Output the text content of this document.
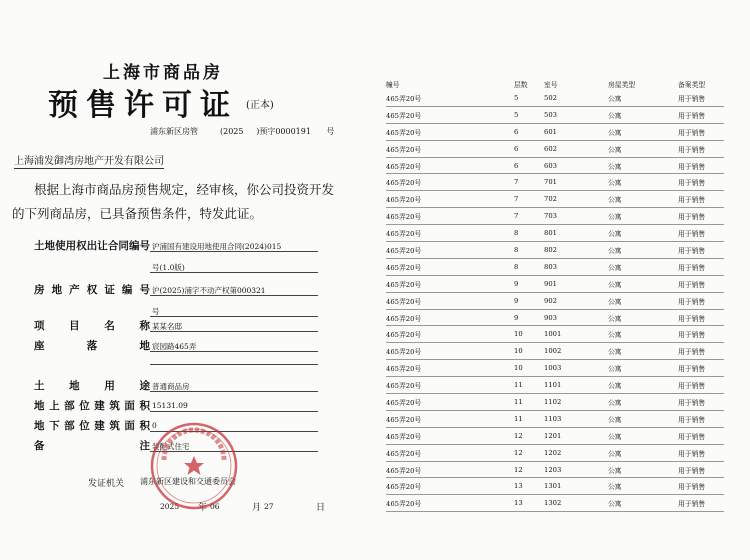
上海市商品房
预售许可证 (正本)
浦东新区房管	(2025 )预字0000191 号
上海浦发御湾房地产开发有限公司
根据上海市商品房预售规定，经审核，你公司投资开发的下列商品房，已具备预售条件，特发此证。
土地使用权出让合同编号 沪浦国有建设用地使用合同(2024)015
号(1.0版)
房地产权证编号 沪(2025)浦字不动产权第000321
号
项目名称 某某名邸
座落地 宸园路465弄
土地用途 普通商品房
地上部位建筑面积 15131.09
地下部位建筑面积 0
备注 装配式住宅
发证机关 浦东新区建设和交通委员会
2025 年 06	月 27	日
幢号	层数	室号	房屋类型	备案类型
465弄20号	5	502	公寓	用于销售
465弄20号	5	503	公寓	用于销售
465弄20号	6	601	公寓	用于销售
465弄20号	6	602	公寓	用于销售
465弄20号	6	603	公寓	用于销售
465弄20号	7	701	公寓	用于销售
465弄20号	7	702	公寓	用于销售
465弄20号	7	703	公寓	用于销售
465弄20号	8	801	公寓	用于销售
465弄20号	8	802	公寓	用于销售
465弄20号	8	803	公寓	用于销售
465弄20号	9	901	公寓	用于销售
465弄20号	9	902	公寓	用于销售
465弄20号	9	903	公寓	用于销售
465弄20号	10	1001	公寓	用于销售
465弄20号	10	1002	公寓	用于销售
465弄20号	10	1003	公寓	用于销售
465弄20号	11	1101	公寓	用于销售
465弄20号	11	1102	公寓	用于销售
465弄20号	11	1103	公寓	用于销售
465弄20号	12	1201	公寓	用于销售
465弄20号	12	1202	公寓	用于销售
465弄20号	12	1203	公寓	用于销售
465弄20号	13	1301	公寓	用于销售
465弄20号	13	1302	公寓	用于销售
